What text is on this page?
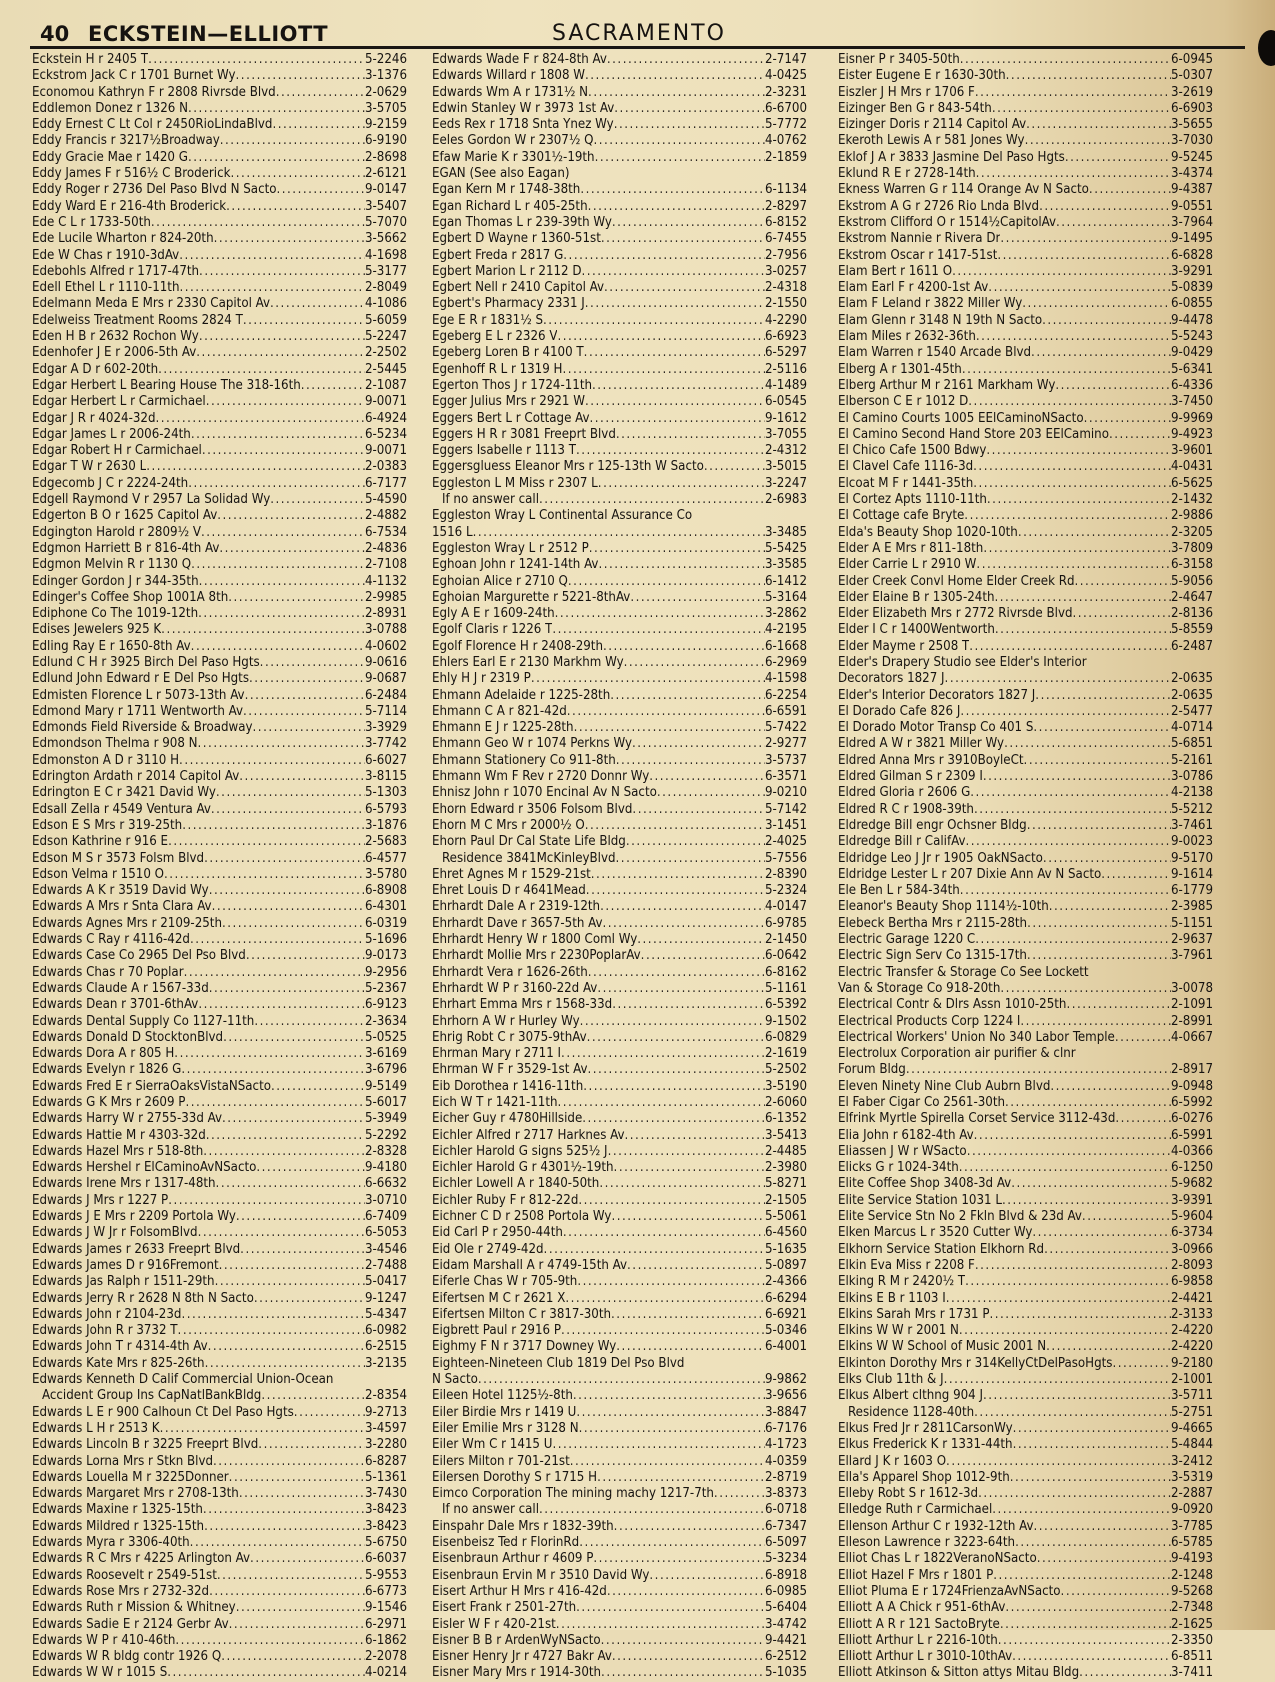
40 ECKSTEIN—ELLIOTT	SACRAMENTO
Eckstein H r 2405 T .....	5-2246
Eckstrom Jack C r 1701 Burnet Wy .....	3-1376
Economou Kathryn F r 2808 Rivrsde Blvd .....	2-0629
Eddlemon Donez r 1326 N .....	3-5705
Eddy Ernest C Lt Col r 2450RioLindaBlvd .....	9-2159
Eddy Francis r 3217½Broadway .....	6-9190
Eddy Gracie Mae r 1420 G .....	2-8698
Eddy James F r 516½ C Broderick .....	2-6121
Eddy Roger r 2736 Del Paso Blvd N Sacto .....	9-0147
Eddy Ward E r 216-4th Broderick .....	3-5407
Ede C L r 1733-50th .....	5-7070
Ede Lucile Wharton r 824-20th .....	3-5662
Ede W Chas r 1910-3dAv .....	4-1698
Edebohls Alfred r 1717-47th .....	5-3177
Edell Ethel L r 1110-11th .....	2-8049
Edelmann Meda E Mrs r 2330 Capitol Av .....	4-1086
Edelweiss Treatment Rooms 2824 T .....	5-6059
Eden H B r 2632 Rochon Wy .....	5-2247
Edenhofer J E r 2006-5th Av .....	2-2502
Edgar A D r 602-20th .....	2-5445
Edgar Herbert L Bearing House The 318-16th .....	2-1087
Edgar Herbert L r Carmichael .....	9-0071
Edgar J R r 4024-32d .....	6-4924
Edgar James L r 2006-24th .....	6-5234
Edgar Robert H r Carmichael .....	9-0071
Edgar T W r 2630 L .....	2-0383
Edgecomb J C r 2224-24th .....	6-7177
Edgell Raymond V r 2957 La Solidad Wy .....	5-4590
Edgerton B O r 1625 Capitol Av .....	2-4882
Edgington Harold r 2809½ V .....	6-7534
Edgmon Harriett B r 816-4th Av .....	2-4836
Edgmon Melvin R r 1130 Q .....	2-7108
Edinger Gordon J r 344-35th .....	4-1132
Edinger's Coffee Shop 1001A 8th .....	2-9985
Ediphone Co The 1019-12th .....	2-8931
Edises Jewelers 925 K .....	3-0788
Edling Ray E r 1650-8th Av .....	4-0602
Edlund C H r 3925 Birch Del Paso Hgts .....	9-0616
Edlund John Edward r E Del Pso Hgts .....	9-0687
Edmisten Florence L r 5073-13th Av .....	6-2484
Edmond Mary r 1711 Wentworth Av .....	5-7114
Edmonds Field Riverside & Broadway .....	3-3929
Edmondson Thelma r 908 N .....	3-7742
Edmonston A D r 3110 H .....	6-6027
Edrington Ardath r 2014 Capitol Av .....	3-8115
Edrington E C r 3421 David Wy .....	5-1303
Edsall Zella r 4549 Ventura Av .....	6-5793
Edson E S Mrs r 319-25th .....	3-1876
Edson Kathrine r 916 E .....	2-5683
Edson M S r 3573 Folsm Blvd .....	6-4577
Edson Velma r 1510 O .....	3-5780
Edwards A K r 3519 David Wy .....	6-8908
Edwards A Mrs r Snta Clara Av .....	6-4301
Edwards Agnes Mrs r 2109-25th .....	6-0319
Edwards C Ray r 4116-42d .....	5-1696
Edwards Case Co 2965 Del Pso Blvd .....	9-0173
Edwards Chas r 70 Poplar .....	9-2956
Edwards Claude A r 1567-33d .....	5-2367
Edwards Dean r 3701-6thAv .....	6-9123
Edwards Dental Supply Co 1127-11th .....	2-3634
Edwards Donald D StocktonBlvd .....	5-0525
Edwards Dora A r 805 H .....	3-6169
Edwards Evelyn r 1826 G .....	3-6796
Edwards Fred E r SierraOaksVistaNSacto .....	9-5149
Edwards G K Mrs r 2609 P .....	5-6017
Edwards Harry W r 2755-33d Av .....	5-3949
Edwards Hattie M r 4303-32d .....	5-2292
Edwards Hazel Mrs r 518-8th .....	2-8328
Edwards Hershel r ElCaminoAvNSacto .....	9-4180
Edwards Irene Mrs r 1317-48th .....	6-6632
Edwards J Mrs r 1227 P .....	3-0710
Edwards J E Mrs r 2209 Portola Wy .....	6-7409
Edwards J W Jr r FolsomBlvd .....	6-5053
Edwards James r 2633 Freeprt Blvd .....	3-4546
Edwards James D r 916Fremont .....	2-7488
Edwards Jas Ralph r 1511-29th .....	5-0417
Edwards Jerry R r 2628 N 8th N Sacto .....	9-1247
Edwards John r 2104-23d .....	5-4347
Edwards John R r 3732 T .....	6-0982
Edwards John T r 4314-4th Av .....	6-2515
Edwards Kate Mrs r 825-26th .....	3-2135
Edwards Kenneth D Calif Commercial Union-Ocean
Accident Group Ins CapNatlBankBldg .....	2-8354
Edwards L E r 900 Calhoun Ct Del Paso Hgts .....	9-2713
Edwards L H r 2513 K .....	3-4597
Edwards Lincoln B r 3225 Freeprt Blvd .....	3-2280
Edwards Lorna Mrs r Stkn Blvd .....	6-8287
Edwards Louella M r 3225Donner .....	5-1361
Edwards Margaret Mrs r 2708-13th .....	3-7430
Edwards Maxine r 1325-15th .....	3-8423
Edwards Mildred r 1325-15th .....	3-8423
Edwards Myra r 3306-40th .....	5-6750
Edwards R C Mrs r 4225 Arlington Av .....	6-6037
Edwards Roosevelt r 2549-51st .....	5-9553
Edwards Rose Mrs r 2732-32d .....	6-6773
Edwards Ruth r Mission & Whitney .....	9-1546
Edwards Sadie E r 2124 Gerbr Av .....	6-2971
Edwards W P r 410-46th .....	6-1862
Edwards W R bldg contr 1926 Q .....	2-2078
Edwards W W r 1015 S .....	4-0214
Edwards Wade F r 824-8th Av .....	2-7147
Edwards Willard r 1808 W .....	4-0425
Edwards Wm A r 1731½ N .....	2-3231
Edwin Stanley W r 3973 1st Av .....	6-6700
Eeds Rex r 1718 Snta Ynez Wy .....	5-7772
Eeles Gordon W r 2307½ Q .....	4-0762
Efaw Marie K r 3301½-19th .....	2-1859
EGAN (See also Eagan)
Egan Kern M r 1748-38th .....	6-1134
Egan Richard L r 405-25th .....	2-8297
Egan Thomas L r 239-39th Wy .....	6-8152
Egbert D Wayne r 1360-51st .....	6-7455
Egbert Freda r 2817 G .....	2-7956
Egbert Marion L r 2112 D .....	3-0257
Egbert Nell r 2410 Capitol Av .....	2-4318
Egbert's Pharmacy 2331 J .....	2-1550
Ege E R r 1831½ S .....	4-2290
Egeberg E L r 2326 V .....	6-6923
Egeberg Loren B r 4100 T .....	6-5297
Egenhoff R L r 1319 H .....	2-5116
Egerton Thos J r 1724-11th .....	4-1489
Egger Julius Mrs r 2921 W .....	6-0545
Eggers Bert L r Cottage Av .....	9-1612
Eggers H R r 3081 Freeprt Blvd .....	3-7055
Eggers Isabelle r 1113 T .....	2-4312
Eggersgluess Eleanor Mrs r 125-13th W Sacto .....	3-5015
Eggleston L M Miss r 2307 L .....	3-2247
If no answer call .....	2-6983
Eggleston Wray L Continental Assurance Co
1516 L .....	3-3485
Eggleston Wray L r 2512 P .....	5-5425
Eghoan John r 1241-14th Av .....	3-3585
Eghoian Alice r 2710 Q .....	6-1412
Eghoian Margurette r 5221-8thAv .....	5-3164
Egly A E r 1609-24th .....	3-2862
Egolf Claris r 1226 T .....	4-2195
Egolf Florence H r 2408-29th .....	6-1668
Ehlers Earl E r 2130 Markhm Wy .....	6-2969
Ehly H J r 2319 P .....	4-1598
Ehmann Adelaide r 1225-28th .....	6-2254
Ehmann C A r 821-42d .....	6-6591
Ehmann E J r 1225-28th .....	5-7422
Ehmann Geo W r 1074 Perkns Wy .....	2-9277
Ehmann Stationery Co 911-8th .....	3-5737
Ehmann Wm F Rev r 2720 Donnr Wy .....	6-3571
Ehnisz John r 1070 Encinal Av N Sacto .....	9-0210
Ehorn Edward r 3506 Folsom Blvd .....	5-7142
Ehorn M C Mrs r 2000½ O .....	3-1451
Ehorn Paul Dr Cal State Life Bldg .....	2-4025
Residence 3841McKinleyBlvd .....	5-7556
Ehret Agnes M r 1529-21st .....	2-8390
Ehret Louis D r 4641Mead .....	5-2324
Ehrhardt Dale A r 2319-12th .....	4-0147
Ehrhardt Dave r 3657-5th Av .....	6-9785
Ehrhardt Henry W r 1800 Coml Wy .....	2-1450
Ehrhardt Mollie Mrs r 2230PoplarAv .....	6-0642
Ehrhardt Vera r 1626-26th .....	6-8162
Ehrhardt W P r 3160-22d Av .....	5-1161
Ehrhart Emma Mrs r 1568-33d .....	6-5392
Ehrhorn A W r Hurley Wy .....	9-1502
Ehrig Robt C r 3075-9thAv .....	6-0829
Ehrman Mary r 2711 I .....	2-1619
Ehrman W F r 3529-1st Av .....	5-2502
Eib Dorothea r 1416-11th .....	3-5190
Eich W T r 1421-11th .....	2-6060
Eicher Guy r 4780Hillside .....	6-1352
Eichler Alfred r 2717 Harknes Av .....	3-5413
Eichler Harold G signs 525½ J .....	2-4485
Eichler Harold G r 4301½-19th .....	2-3980
Eichler Lowell A r 1840-50th .....	5-8271
Eichler Ruby F r 812-22d .....	2-1505
Eichner C D r 2508 Portola Wy .....	5-5061
Eid Carl P r 2950-44th .....	6-4560
Eid Ole r 2749-42d .....	5-1635
Eidam Marshall A r 4749-15th Av .....	5-0897
Eiferle Chas W r 705-9th .....	2-4366
Eifertsen M C r 2621 X .....	6-6294
Eifertsen Milton C r 3817-30th .....	6-6921
Eigbrett Paul r 2916 P .....	5-0346
Eighmy F N r 3717 Downey Wy .....	6-4001
Eighteen-Nineteen Club 1819 Del Pso Blvd
N Sacto .....	9-9862
Eileen Hotel 1125½-8th .....	3-9656
Eiler Birdie Mrs r 1419 U .....	3-8847
Eiler Emilie Mrs r 3128 N .....	6-7176
Eiler Wm C r 1415 U .....	4-1723
Eilers Milton r 701-21st .....	4-0359
Eilersen Dorothy S r 1715 H .....	2-8719
Eimco Corporation The mining machy 1217-7th .....	3-8373
If no answer call .....	6-0718
Einspahr Dale Mrs r 1832-39th .....	6-7347
Eisenbeisz Ted r FlorinRd .....	6-5097
Eisenbraun Arthur r 4609 P .....	5-3234
Eisenbraun Ervin M r 3510 David Wy .....	6-8918
Eisert Arthur H Mrs r 416-42d .....	6-0985
Eisert Frank r 2501-27th .....	5-6404
Eisler W F r 420-21st .....	3-4742
Eisner B B r ArdenWyNSacto .....	9-4421
Eisner Henry Jr r 4727 Bakr Av .....	6-2512
Eisner Mary Mrs r 1914-30th .....	5-1035
Eisner P r 3405-50th .....	6-0945
Eister Eugene E r 1630-30th .....	5-0307
Eiszler J H Mrs r 1706 F .....	3-2619
Eizinger Ben G r 843-54th .....	6-6903
Eizinger Doris r 2114 Capitol Av .....	3-5655
Ekeroth Lewis A r 581 Jones Wy .....	3-7030
Eklof J A r 3833 Jasmine Del Paso Hgts .....	9-5245
Eklund R E r 2728-14th .....	3-4374
Ekness Warren G r 114 Orange Av N Sacto .....	9-4387
Ekstrom A G r 2726 Rio Lnda Blvd .....	9-0551
Ekstrom Clifford O r 1514½CapitolAv .....	3-7964
Ekstrom Nannie r Rivera Dr .....	9-1495
Ekstrom Oscar r 1417-51st .....	6-6828
Elam Bert r 1611 O .....	3-9291
Elam Earl F r 4200-1st Av .....	5-0839
Elam F Leland r 3822 Miller Wy .....	6-0855
Elam Glenn r 3148 N 19th N Sacto .....	9-4478
Elam Miles r 2632-36th .....	5-5243
Elam Warren r 1540 Arcade Blvd .....	9-0429
Elberg A r 1301-45th .....	5-6341
Elberg Arthur M r 2161 Markham Wy .....	6-4336
Elberson C E r 1012 D .....	3-7450
El Camino Courts 1005 EElCaminoNSacto .....	9-9969
El Camino Second Hand Store 203 EElCamino .....	9-4923
El Chico Cafe 1500 Bdwy .....	3-9601
El Clavel Cafe 1116-3d .....	4-0431
Elcoat M F r 1441-35th .....	6-5625
El Cortez Apts 1110-11th .....	2-1432
El Cottage cafe Bryte .....	2-9886
Elda's Beauty Shop 1020-10th .....	2-3205
Elder A E Mrs r 811-18th .....	3-7809
Elder Carrie L r 2910 W .....	6-3158
Elder Creek Convl Home Elder Creek Rd .....	5-9056
Elder Elaine B r 1305-24th .....	2-4647
Elder Elizabeth Mrs r 2772 Rivrsde Blvd .....	2-8136
Elder I C r 1400Wentworth .....	5-8559
Elder Mayme r 2508 T .....	6-2487
Elder's Drapery Studio see Elder's Interior
Decorators 1827 J .....	2-0635
Elder's Interior Decorators 1827 J .....	2-0635
El Dorado Cafe 826 J .....	2-5477
El Dorado Motor Transp Co 401 S .....	4-0714
Eldred A W r 3821 Miller Wy .....	5-6851
Eldred Anna Mrs r 3910BoyleCt .....	5-2161
Eldred Gilman S r 2309 I .....	3-0786
Eldred Gloria r 2606 G .....	4-2138
Eldred R C r 1908-39th .....	5-5212
Eldredge Bill engr Ochsner Bldg .....	3-7461
Eldredge Bill r CalifAv .....	9-0023
Eldridge Leo J Jr r 1905 OakNSacto .....	9-5170
Eldridge Lester L r 207 Dixie Ann Av N Sacto .....	9-1614
Ele Ben L r 584-34th .....	6-1779
Eleanor's Beauty Shop 1114½-10th .....	2-3985
Elebeck Bertha Mrs r 2115-28th .....	5-1151
Electric Garage 1220 C .....	2-9637
Electric Sign Serv Co 1315-17th .....	3-7961
Electric Transfer & Storage Co See Lockett
Van & Storage Co 918-20th .....	3-0078
Electrical Contr & Dlrs Assn 1010-25th .....	2-1091
Electrical Products Corp 1224 I .....	2-8991
Electrical Workers' Union No 340 Labor Temple .....	4-0667
Electrolux Corporation air purifier & clnr
Forum Bldg .....	2-8917
Eleven Ninety Nine Club Aubrn Blvd .....	9-0948
El Faber Cigar Co 2561-30th .....	6-5992
Elfrink Myrtle Spirella Corset Service 3112-43d .....	6-0276
Elia John r 6182-4th Av .....	6-5991
Eliassen J W r WSacto .....	4-0366
Elicks G r 1024-34th .....	6-1250
Elite Coffee Shop 3408-3d Av .....	5-9682
Elite Service Station 1031 L .....	3-9391
Elite Service Stn No 2 Fkln Blvd & 23d Av .....	5-9604
Elken Marcus L r 3520 Cutter Wy .....	6-3734
Elkhorn Service Station Elkhorn Rd .....	3-0966
Elkin Eva Miss r 2208 F .....	2-8093
Elking R M r 2420½ T .....	6-9858
Elkins E B r 1103 I .....	2-4421
Elkins Sarah Mrs r 1731 P .....	2-3133
Elkins W W r 2001 N .....	2-4220
Elkins W W School of Music 2001 N .....	2-4220
Elkinton Dorothy Mrs r 314KellyCtDelPasoHgts .....	9-2180
Elks Club 11th & J .....	2-1001
Elkus Albert clthng 904 J .....	3-5711
Residence 1128-40th .....	5-2751
Elkus Fred Jr r 2811CarsonWy .....	9-4665
Elkus Frederick K r 1331-44th .....	5-4844
Ellard J K r 1603 O .....	3-2412
Ella's Apparel Shop 1012-9th .....	3-5319
Elleby Robt S r 1612-3d .....	2-2887
Elledge Ruth r Carmichael .....	9-0920
Ellenson Arthur C r 1932-12th Av .....	3-7785
Elleson Lawrence r 3223-64th .....	6-5785
Elliot Chas L r 1822VeranoNSacto .....	9-4193
Elliot Hazel F Mrs r 1801 P .....	2-1248
Elliot Pluma E r 1724FrienzaAvNSacto .....	9-5268
Elliott A A Chick r 951-6thAv .....	2-7348
Elliott A R r 121 SactoBryte .....	2-1625
Elliott Arthur L r 2216-10th .....	2-3350
Elliott Arthur L r 3010-10thAv .....	6-8511
Elliott Atkinson & Sitton attys Mitau Bldg .....	3-7411
